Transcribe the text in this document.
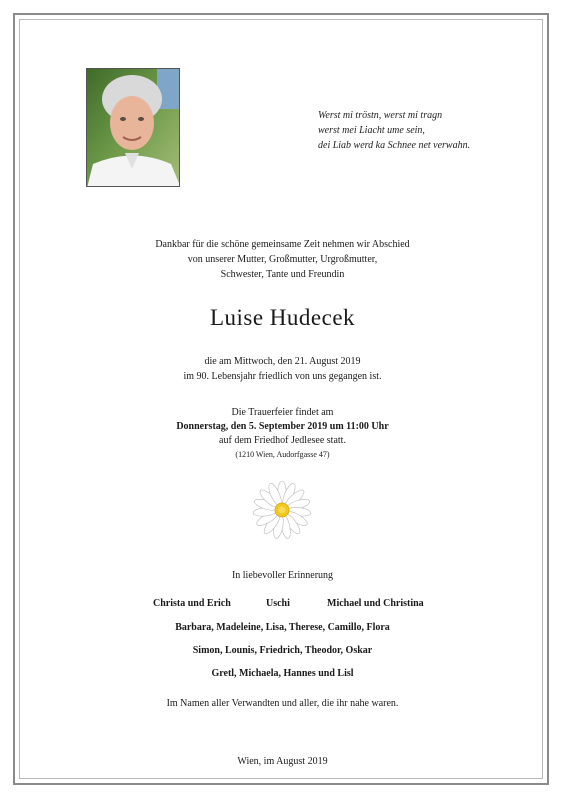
Werst mi tröstn, werst mi tragn
werst mei Liacht ume sein,
dei Liab werd ka Schnee net verwahn.
Dankbar für die schöne gemeinsame Zeit nehmen wir Abschied
von unserer Mutter, Großmutter, Urgroßmutter,
Schwester, Tante und Freundin
Luise Hudecek
die am Mittwoch, den 21. August 2019
im 90. Lebensjahr friedlich von uns gegangen ist.
Die Trauerfeier findet am
Donnerstag, den 5. September 2019 um 11:00 Uhr
auf dem Friedhof Jedlesee statt.
(1210 Wien, Audorfgasse 47)
In liebevoller Erinnerung
Christa und Erich	Uschi	Michael und Christina
Barbara, Madeleine, Lisa, Therese, Camillo, Flora
Simon, Lounis, Friedrich, Theodor, Oskar
Gretl, Michaela, Hannes und Lisl
Im Namen aller Verwandten und aller, die ihr nahe waren.
Wien, im August 2019
